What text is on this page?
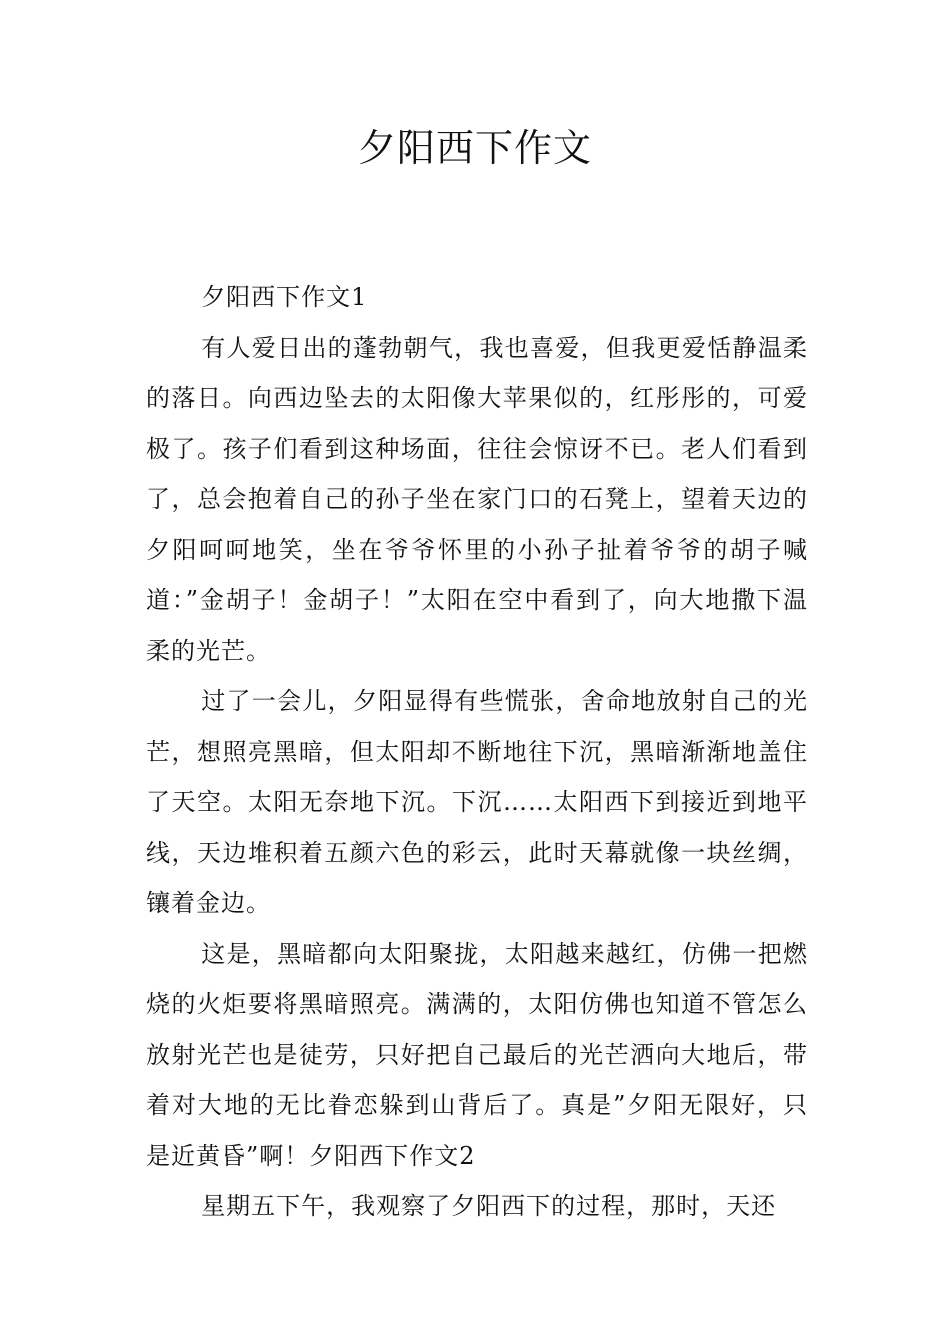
夕阳西下作文

夕阳西下作文1

有人爱日出的蓬勃朝气，我也喜爱，但我更爱恬静温柔的落日。向西边坠去的太阳像大苹果似的，红彤彤的，可爱极了。孩子们看到这种场面，往往会惊讶不已。老人们看到了，总会抱着自己的孙子坐在家门口的石凳上，望着天边的夕阳呵呵地笑，坐在爷爷怀里的小孙子扯着爷爷的胡子喊道：”金胡子！金胡子！”太阳在空中看到了，向大地撒下温柔的光芒。

过了一会儿，夕阳显得有些慌张，舍命地放射自己的光芒，想照亮黑暗，但太阳却不断地往下沉，黑暗渐渐地盖住了天空。太阳无奈地下沉。下沉……太阳西下到接近到地平线，天边堆积着五颜六色的彩云，此时天幕就像一块丝绸，镶着金边。

这是，黑暗都向太阳聚拢，太阳越来越红，仿佛一把燃烧的火炬要将黑暗照亮。满满的，太阳仿佛也知道不管怎么放射光芒也是徒劳，只好把自己最后的光芒洒向大地后，带着对大地的无比眷恋躲到山背后了。真是”夕阳无限好，只是近黄昏”啊！夕阳西下作文2

星期五下午，我观察了夕阳西下的过程，那时，天还
